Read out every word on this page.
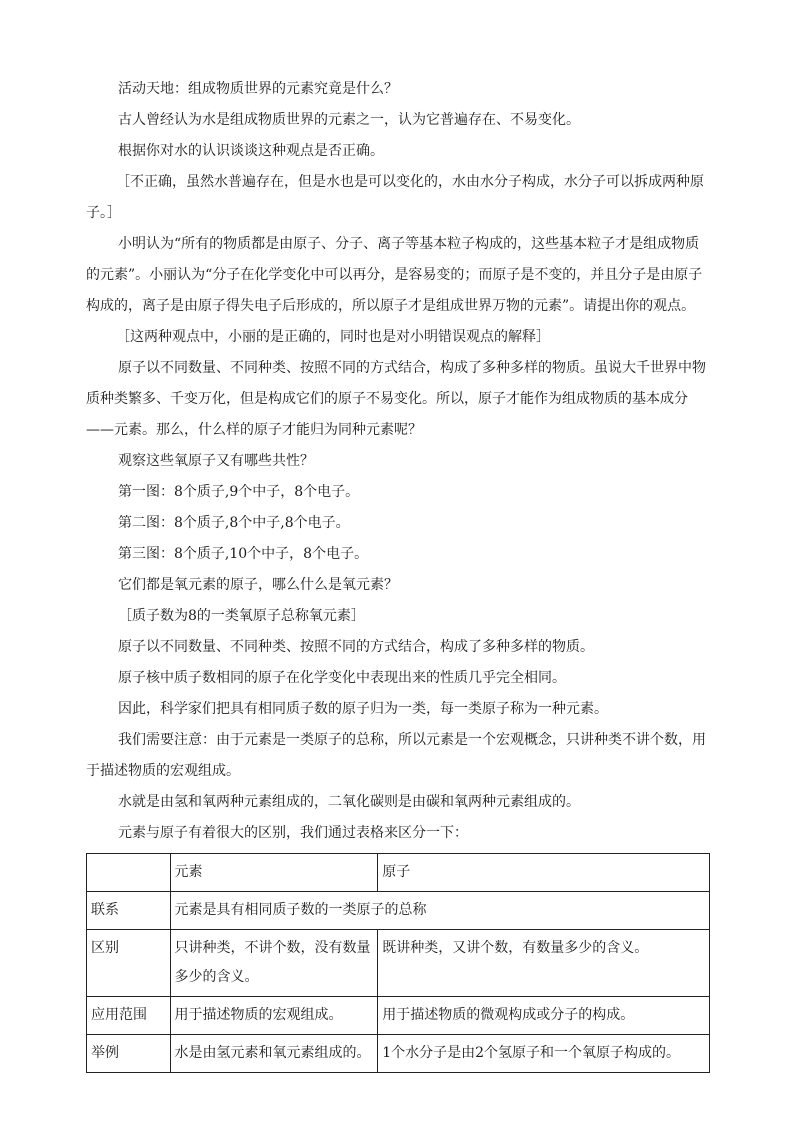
活动天地：组成物质世界的元素究竟是什么？

古人曾经认为水是组成物质世界的元素之一，认为它普遍存在、不易变化。

根据你对水的认识谈谈这种观点是否正确。

［不正确，虽然水普遍存在，但是水也是可以变化的，水由水分子构成，水分子可以拆成两种原子。］

小明认为“所有的物质都是由原子、分子、离子等基本粒子构成的，这些基本粒子才是组成物质的元素”。小丽认为“分子在化学变化中可以再分，是容易变的；而原子是不变的，并且分子是由原子构成的，离子是由原子得失电子后形成的，所以原子才是组成世界万物的元素”。请提出你的观点。

［这两种观点中，小丽的是正确的，同时也是对小明错误观点的解释］

原子以不同数量、不同种类、按照不同的方式结合，构成了多种多样的物质。虽说大千世界中物质种类繁多、千变万化，但是构成它们的原子不易变化。所以，原子才能作为组成物质的基本成分——元素。那么，什么样的原子才能归为同种元素呢？

观察这些氧原子又有哪些共性？

第一图：8个质子,9个中子，8个电子。

第二图：8个质子,8个中子,8个电子。

第三图：8个质子,10个中子，8个电子。

它们都是氧元素的原子，哪么什么是氧元素？

［质子数为8的一类氧原子总称氧元素］

原子以不同数量、不同种类、按照不同的方式结合，构成了多种多样的物质。

原子核中质子数相同的原子在化学变化中表现出来的性质几乎完全相同。

因此，科学家们把具有相同质子数的原子归为一类，每一类原子称为一种元素。

我们需要注意：由于元素是一类原子的总称，所以元素是一个宏观概念，只讲种类不讲个数，用于描述物质的宏观组成。

水就是由氢和氧两种元素组成的，二氧化碳则是由碳和氧两种元素组成的。

元素与原子有着很大的区别，我们通过表格来区分一下：

	元素	原子
联系	元素是具有相同质子数的一类原子的总称	
区别	只讲种类，不讲个数，没有数量多少的含义。	既讲种类，又讲个数，有数量多少的含义。
应用范围	用于描述物质的宏观组成。	用于描述物质的微观构成或分子的构成。
举例	水是由氢元素和氧元素组成的。	1个水分子是由2个氢原子和一个氧原子构成的。
